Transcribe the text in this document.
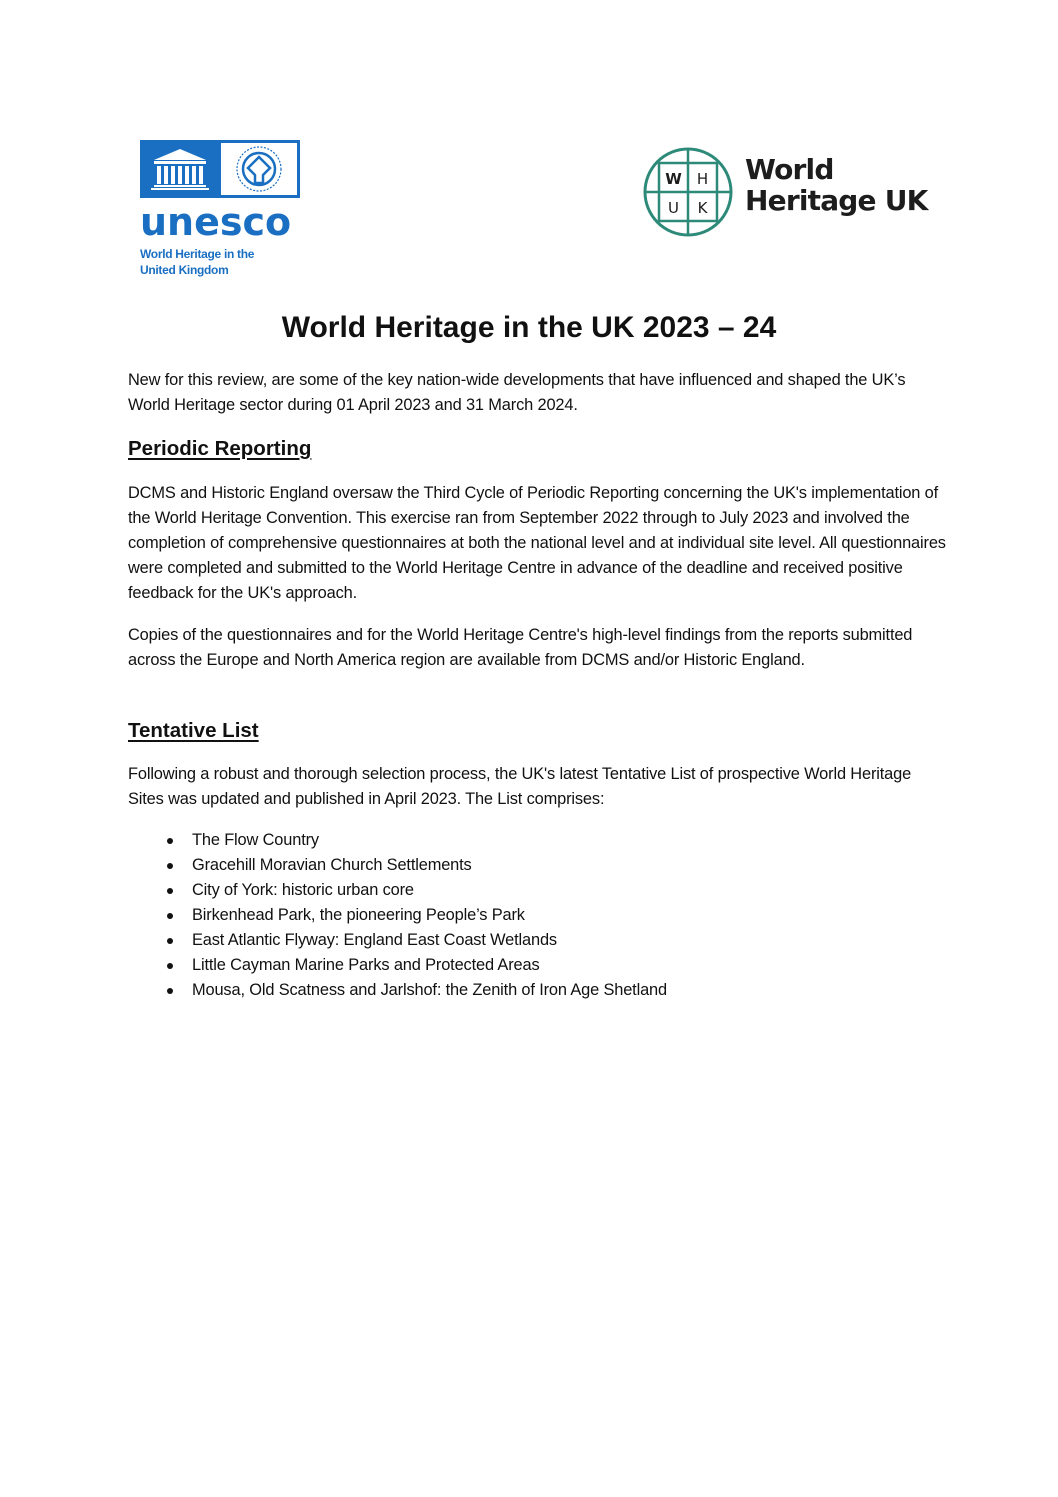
unesco
World Heritage in the
United Kingdom
W H
U K
World
Heritage UK
World Heritage in the UK 2023 – 24
New for this review, are some of the key nation-wide developments that have influenced and shaped the UK’s World Heritage sector during 01 April 2023 and 31 March 2024.
Periodic Reporting
DCMS and Historic England oversaw the Third Cycle of Periodic Reporting concerning the UK's implementation of the World Heritage Convention. This exercise ran from September 2022 through to July 2023 and involved the completion of comprehensive questionnaires at both the national level and at individual site level. All questionnaires were completed and submitted to the World Heritage Centre in advance of the deadline and received positive feedback for the UK's approach.
Copies of the questionnaires and for the World Heritage Centre's high-level findings from the reports submitted across the Europe and North America region are available from DCMS and/or Historic England.
Tentative List
Following a robust and thorough selection process, the UK's latest Tentative List of prospective World Heritage Sites was updated and published in April 2023. The List comprises:
The Flow Country
Gracehill Moravian Church Settlements
City of York: historic urban core
Birkenhead Park, the pioneering People’s Park
East Atlantic Flyway: England East Coast Wetlands
Little Cayman Marine Parks and Protected Areas
Mousa, Old Scatness and Jarlshof: the Zenith of Iron Age Shetland
